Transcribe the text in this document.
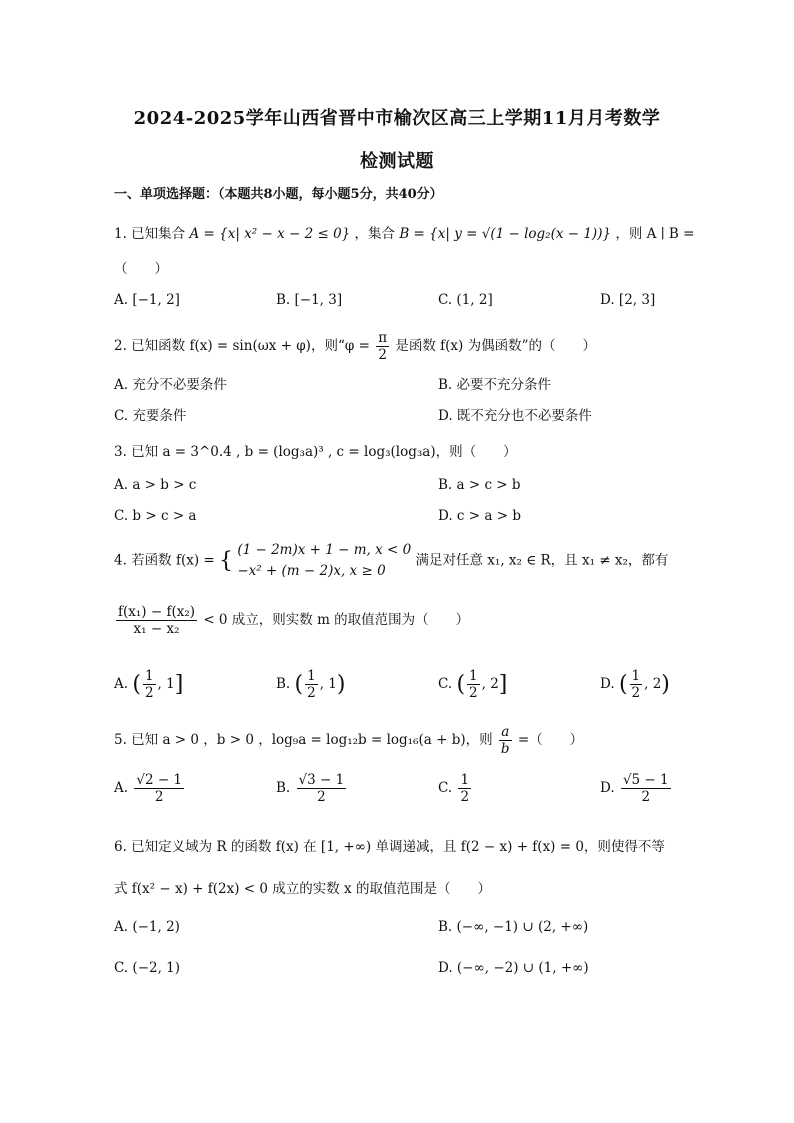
2024-2025学年山西省晋中市榆次区高三上学期11月月考数学
检测试题
一、单项选择题：（本题共8小题，每小题5分，共40分）
1. 已知集合 A = {x| x² − x − 2 ≤ 0} ，集合 B = {x| y = √(1 − log₂(x − 1))} ，则 A ∣ B =
（　　）
A. [−1, 2]	B. [−1, 3]	C. (1, 2]	D. [2, 3]
2. 已知函数 f(x) = sin(ωx + φ)，则“$\varphi = \frac{\pi}{2}$ 是函数 f(x) 为偶函数”的（　　）
A. 充分不必要条件	B. 必要不充分条件
C. 充要条件	D. 既不充分也不必要条件
3. 已知 a = 3^0.4 , b = (log₃a)³ , c = log₃(log₃a)，则（　　）
A. a > b > c	B. a > c > b
C. b > c > a	D. c > a > b
4. 若函数 f(x) = { (1 − 2m)x + 1 − m, x < 0
−x² + (m − 2)x, x ≥ 0
满足对任意 x₁, x₂ ∈ R，且 x₁ ≠ x₂，都有
$\frac{\text{f(x₁) − f(x₂)}}{\text{x₁ − x₂}} < 0$ 成立，则实数 m 的取值范围为（　　）
A. ( $\frac{1}{2}$ , 1]	B. ( $\frac{1}{2}$ , 1)	C. ( $\frac{1}{2}$ , 2]	D. ( $\frac{1}{2}$ , 2)
5. 已知 a > 0 ，b > 0 ，log₉a = log₁₂b = log₁₆(a + b)，则 $\frac{a}{b}$ =（　　）
A. $\frac{√2 - 1}{2}$	B. $\frac{√3 - 1}{2}$	C. $\frac{1}{2}$	D. $\frac{√5 - 1}{2}$
6. 已知定义域为 R 的函数 f(x) 在 [1, +∞) 单调递减，且 f(2 − x) + f(x) = 0，则使得不等
式 f(x² − x) + f(2x) < 0 成立的实数 x 的取值范围是（　　）
A. (−1, 2)	B. (−∞, −1) ∪ (2, +∞)
C. (−2, 1)	D. (−∞, −2) ∪ (1, +∞)
